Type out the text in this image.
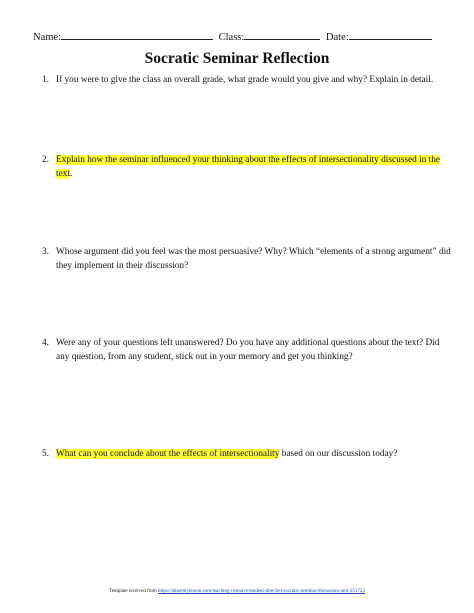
Name:	Class:	Date:
Socratic Seminar Reflection
1. If you were to give the class an overall grade, what grade would you give and why? Explain in detail.
2. Explain how the seminar influenced your thinking about the effects of intersectionality discussed in the text.
3. Whose argument did you feel was the most persuasive? Why? Which “elements of a strong argument” did they implement in their discussion?
4. Were any of your questions left unanswered? Do you have any additional questions about the text? Did any question, from any student, stick out in your memory and get you thinking?
5. What can you conclude about the effects of intersectionality based on our discussion today?
Template received from https://sharemylesson.com/teaching-resource/student-directed-socratic-seminar-discussion-unit-251722
